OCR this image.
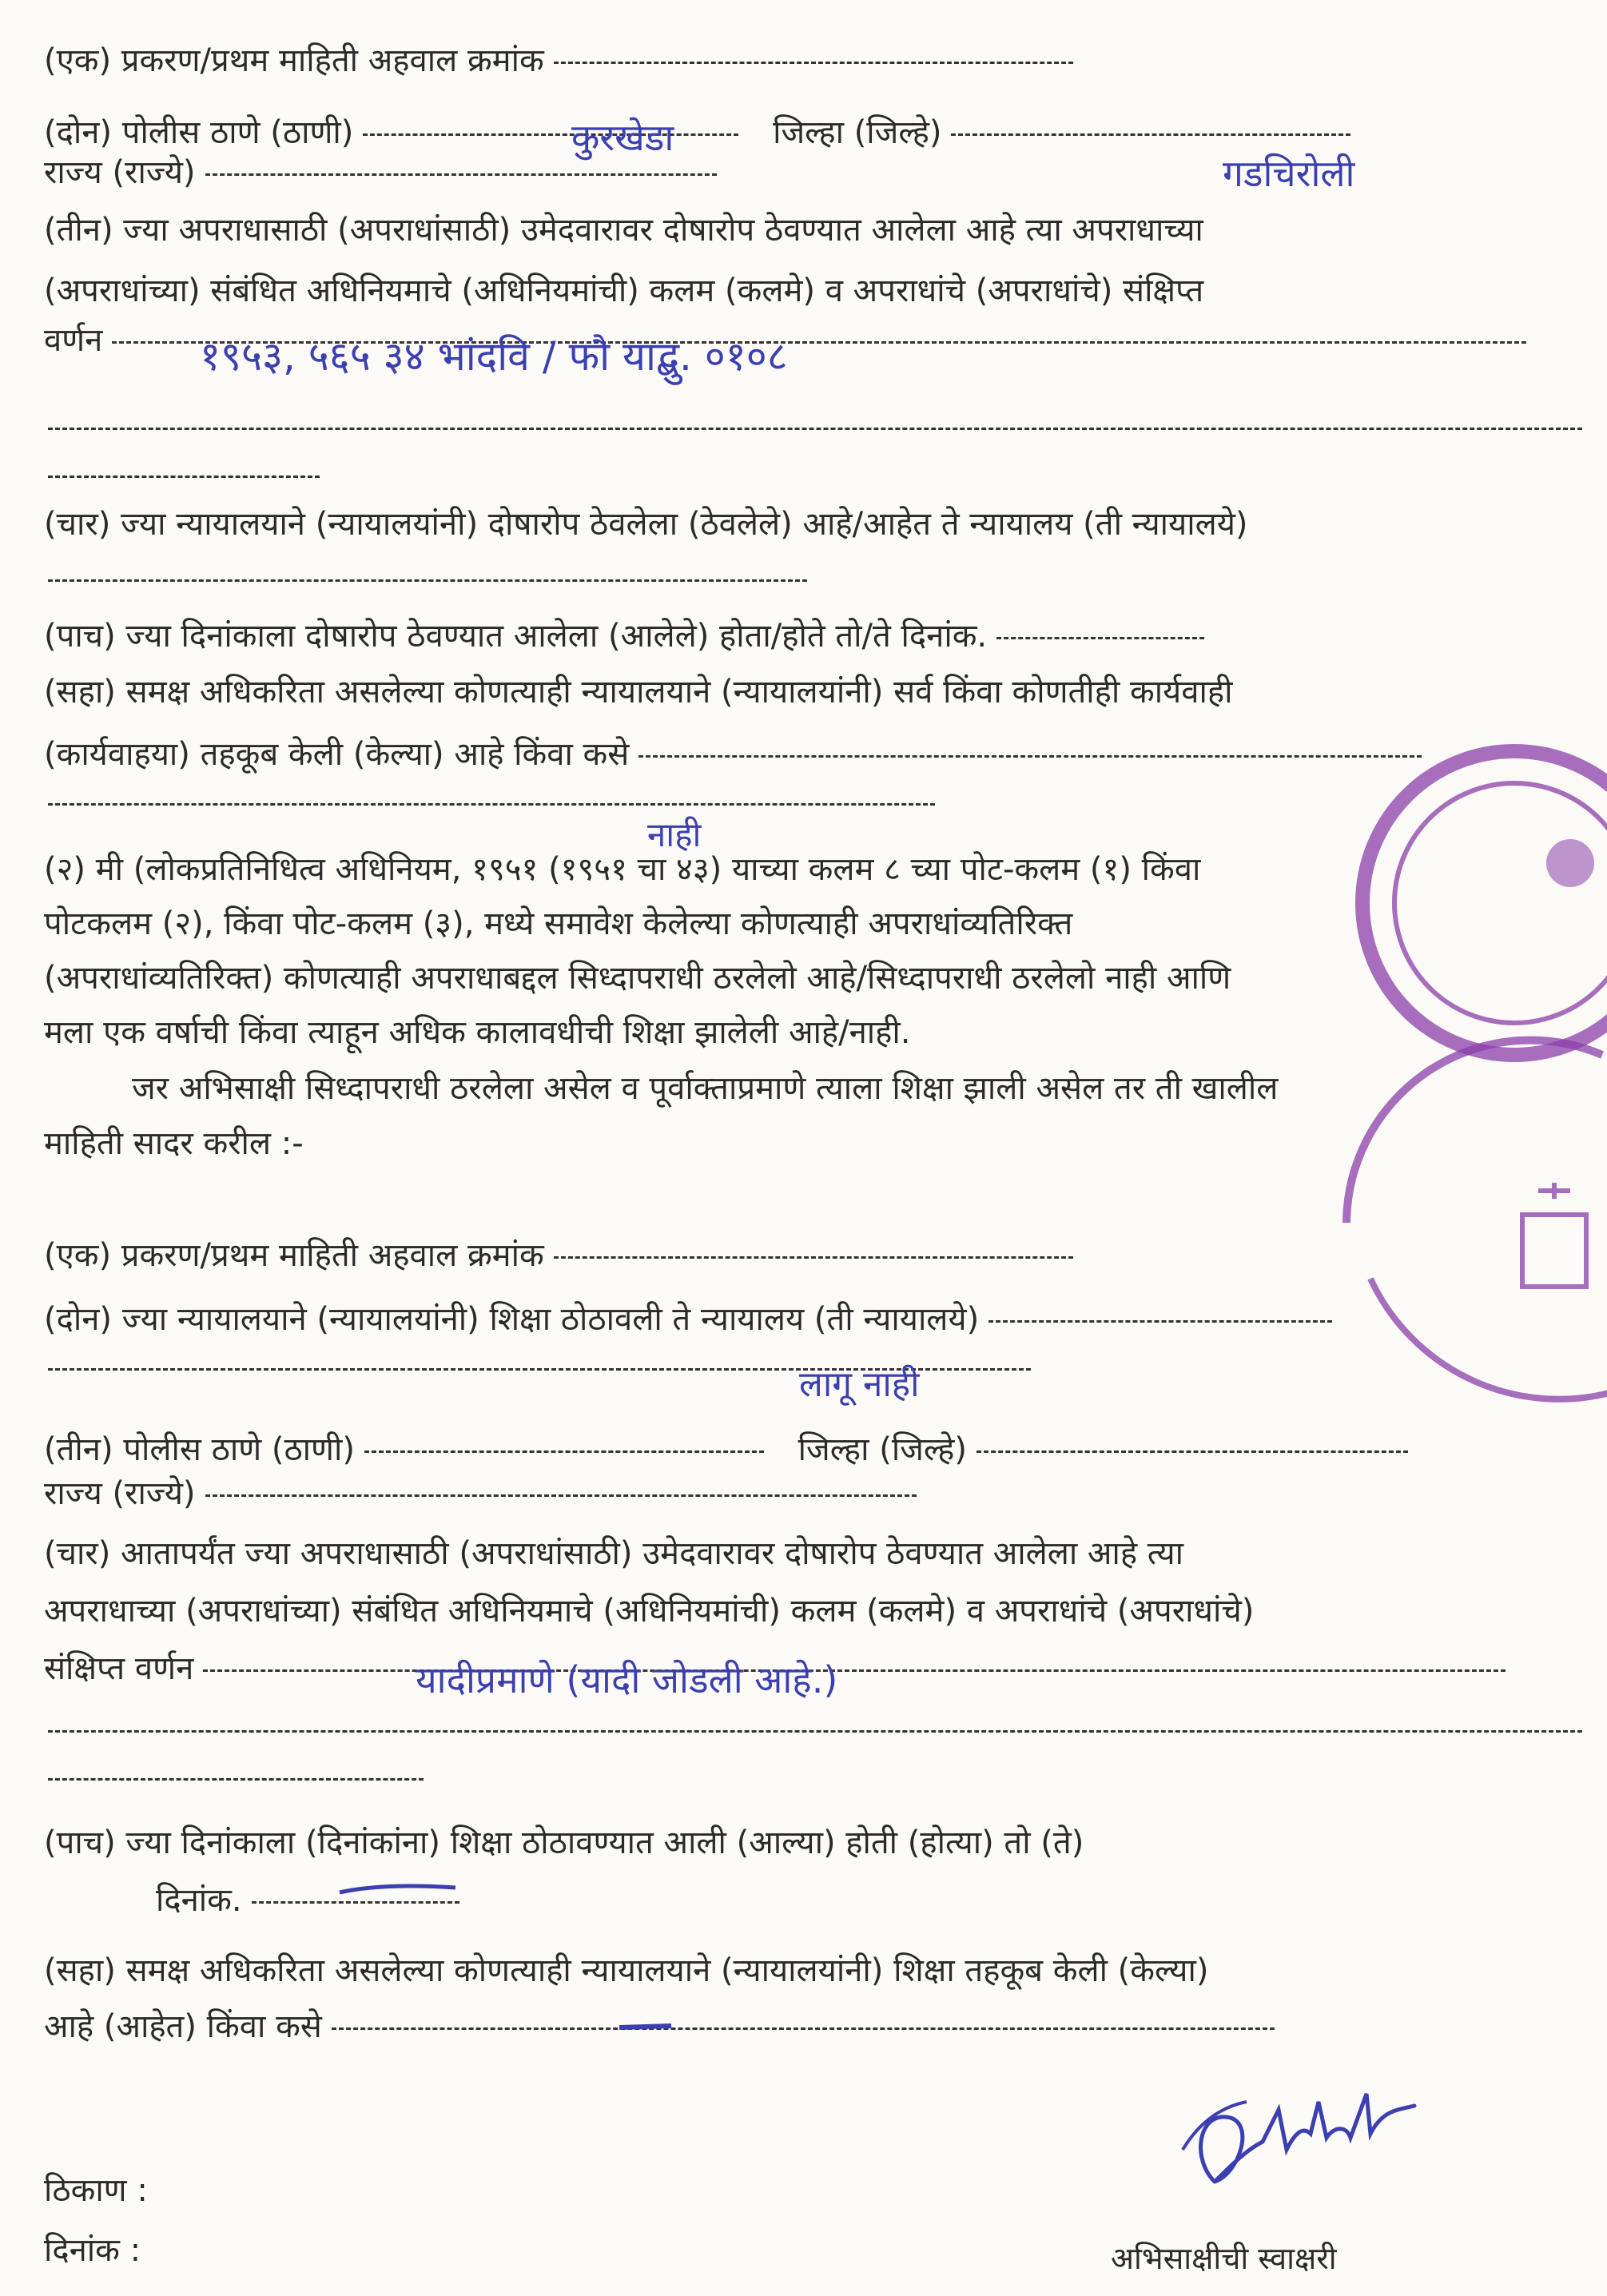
(एक) प्रकरण/प्रथम माहिती अहवाल क्रमांक
(दोन) पोलीस ठाणे (ठाणी)	जिल्हा (जिल्हे)
कुरखेडा
गडचिरोली
राज्य (राज्ये)
(तीन) ज्या अपराधासाठी (अपराधांसाठी) उमेदवारावर दोषारोप ठेवण्यात आलेला आहे त्या अपराधाच्या
(अपराधांच्या) संबंधित अधिनियमाचे (अधिनियमांची) कलम (कलमे) व अपराधांचे (अपराधांचे) संक्षिप्त
वर्णन	१९५३, ५६५ ३४ भांदवि / फौ याद्बु. ०१०८
(चार) ज्या न्यायालयाने (न्यायालयांनी) दोषारोप ठेवलेला (ठेवलेले) आहे/आहेत ते न्यायालय (ती न्यायालये)
(पाच) ज्या दिनांकाला दोषारोप ठेवण्यात आलेला (आलेले) होता/होते तो/ते दिनांक.
(सहा) समक्ष अधिकरिता असलेल्या कोणत्याही न्यायालयाने (न्यायालयांनी) सर्व किंवा कोणतीही कार्यवाही
(कार्यवाहया) तहकूब केली (केल्या) आहे किंवा कसे
नाही
(२) मी (लोकप्रतिनिधित्व अधिनियम, १९५१ (१९५१ चा ४३) याच्या कलम ८ च्या पोट-कलम (१) किंवा
पोटकलम (२), किंवा पोट-कलम (३), मध्ये समावेश केलेल्या कोणत्याही अपराधांव्यतिरिक्त
(अपराधांव्यतिरिक्त) कोणत्याही अपराधाबद्दल सिध्दापराधी ठरलेलो आहे/सिध्दापराधी ठरलेलो नाही आणि
मला एक वर्षाची किंवा त्याहून अधिक कालावधीची शिक्षा झालेली आहे/नाही.
जर अभिसाक्षी सिध्दापराधी ठरलेला असेल व पूर्वाक्ताप्रमाणे त्याला शिक्षा झाली असेल तर ती खालील
माहिती सादर करील :-
(एक) प्रकरण/प्रथम माहिती अहवाल क्रमांक
(दोन) ज्या न्यायालयाने (न्यायालयांनी) शिक्षा ठोठावली ते न्यायालय (ती न्यायालये)
लागू नाही
(तीन) पोलीस ठाणे (ठाणी)	जिल्हा (जिल्हे)
राज्य (राज्ये)
(चार) आतापर्यंत ज्या अपराधासाठी (अपराधांसाठी) उमेदवारावर दोषारोप ठेवण्यात आलेला आहे त्या
अपराधाच्या (अपराधांच्या) संबंधित अधिनियमाचे (अधिनियमांची) कलम (कलमे) व अपराधांचे (अपराधांचे)
संक्षिप्त वर्णन	यादीप्रमाणे (यादी जोडली आहे.)
(पाच) ज्या दिनांकाला (दिनांकांना) शिक्षा ठोठावण्यात आली (आल्या) होती (होत्या) तो (ते)
दिनांक.
(सहा) समक्ष अधिकरिता असलेल्या कोणत्याही न्यायालयाने (न्यायालयांनी) शिक्षा तहकूब केली (केल्या)
आहे (आहेत) किंवा कसे
ठिकाण :
दिनांक :	अभिसाक्षीची स्वाक्षरी
